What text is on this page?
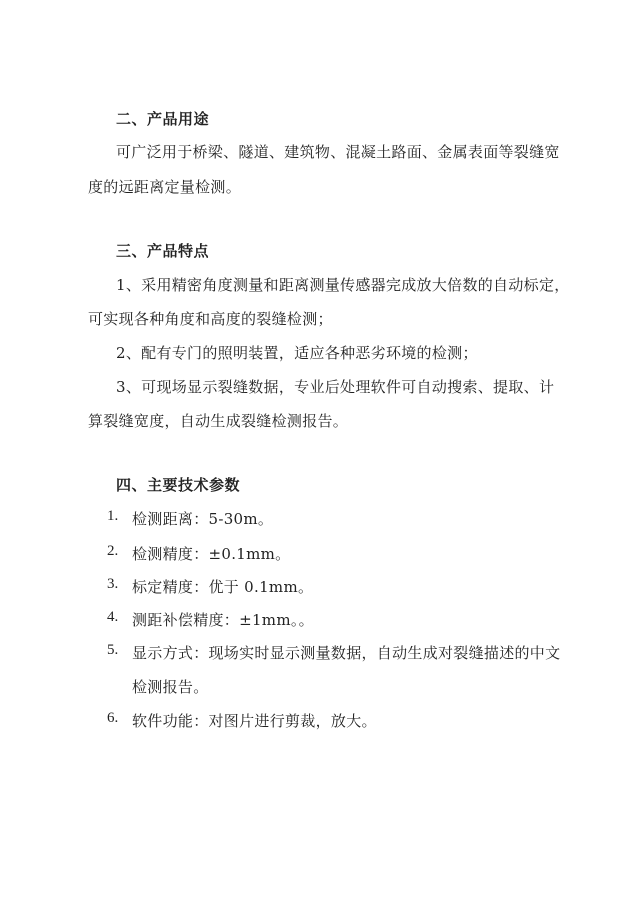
二、产品用途
可广泛用于桥梁、隧道、建筑物、混凝土路面、金属表面等裂缝宽
度的远距离定量检测。
三、产品特点
1、采用精密角度测量和距离测量传感器完成放大倍数的自动标定，
可实现各种角度和高度的裂缝检测；
2、配有专门的照明装置，适应各种恶劣环境的检测；
3、可现场显示裂缝数据，专业后处理软件可自动搜索、提取、计
算裂缝宽度，自动生成裂缝检测报告。
四、主要技术参数
1. 检测距离：5-30m。
2. 检测精度：±0.1mm。
3. 标定精度：优于 0.1mm。
4. 测距补偿精度：±1mm。。
5. 显示方式：现场实时显示测量数据，自动生成对裂缝描述的中文
检测报告。
6. 软件功能：对图片进行剪裁，放大。
